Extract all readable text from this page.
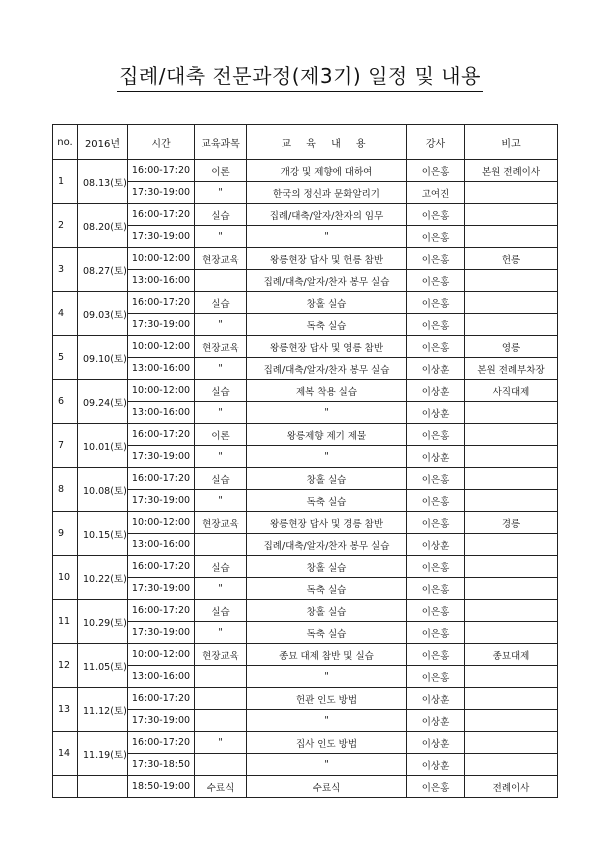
집례/대축 전문과정(제3기) 일정 및 내용
no.	2016년	시간	교육과목	교 육 내 용	강사	비고
1	08.13(토)	16:00-17:20	이론	개강 및 제향에 대하여	이은홍	본원 전례이사
		17:30-19:00	"	한국의 정신과 문화알리기	고여진	
2	08.20(토)	16:00-17:20	실습	집례/대축/알자/찬자의 임무	이은홍	
		17:30-19:00	"	"	이은홍	
3	08.27(토)	10:00-12:00	현장교육	왕릉현장 답사 및 헌릉 참반	이은홍	헌릉
		13:00-16:00		집례/대축/알자/찬자 봉무 실습	이은홍	
4	09.03(토)	16:00-17:20	실습	창홀 실습	이은홍	
		17:30-19:00	"	독축 실습	이은홍	
5	09.10(토)	10:00-12:00	현장교육	왕릉현장 답사 및 영릉 참반	이은홍	영릉
		13:00-16:00	"	집례/대축/알자/찬자 봉무 실습	이상훈	본원 전례부차장
6	09.24(토)	10:00-12:00	실습	제복 착용 실습	이상훈	사직대제
		13:00-16:00	"	"	이상훈	
7	10.01(토)	16:00-17:20	이론	왕릉제향 제기 제물	이은홍	
		17:30-19:00	"	"	이상훈	
8	10.08(토)	16:00-17:20	실습	창홀 실습	이은홍	
		17:30-19:00	"	독축 실습	이은홍	
9	10.15(토)	10:00-12:00	현장교육	왕릉현장 답사 및 경릉 참반	이은홍	경릉
		13:00-16:00		집례/대축/알자/찬자 봉무 실습	이상훈	
10	10.22(토)	16:00-17:20	실습	창홀 실습	이은홍	
		17:30-19:00	"	독축 실습	이은홍	
11	10.29(토)	16:00-17:20	실습	창홀 실습	이은홍	
		17:30-19:00	"	독축 실습	이은홍	
12	11.05(토)	10:00-12:00	현장교육	종묘 대제 참반 및 실습	이은홍	종묘대제
		13:00-16:00		"	이은홍	
13	11.12(토)	16:00-17:20		헌관 인도 방법	이상훈	
		17:30-19:00		"	이상훈	
14	11.19(토)	16:00-17:20	"	집사 인도 방법	이상훈	
		17:30-18:50		"	이상훈	
		18:50-19:00	수료식	수료식	이은홍	전례이사
